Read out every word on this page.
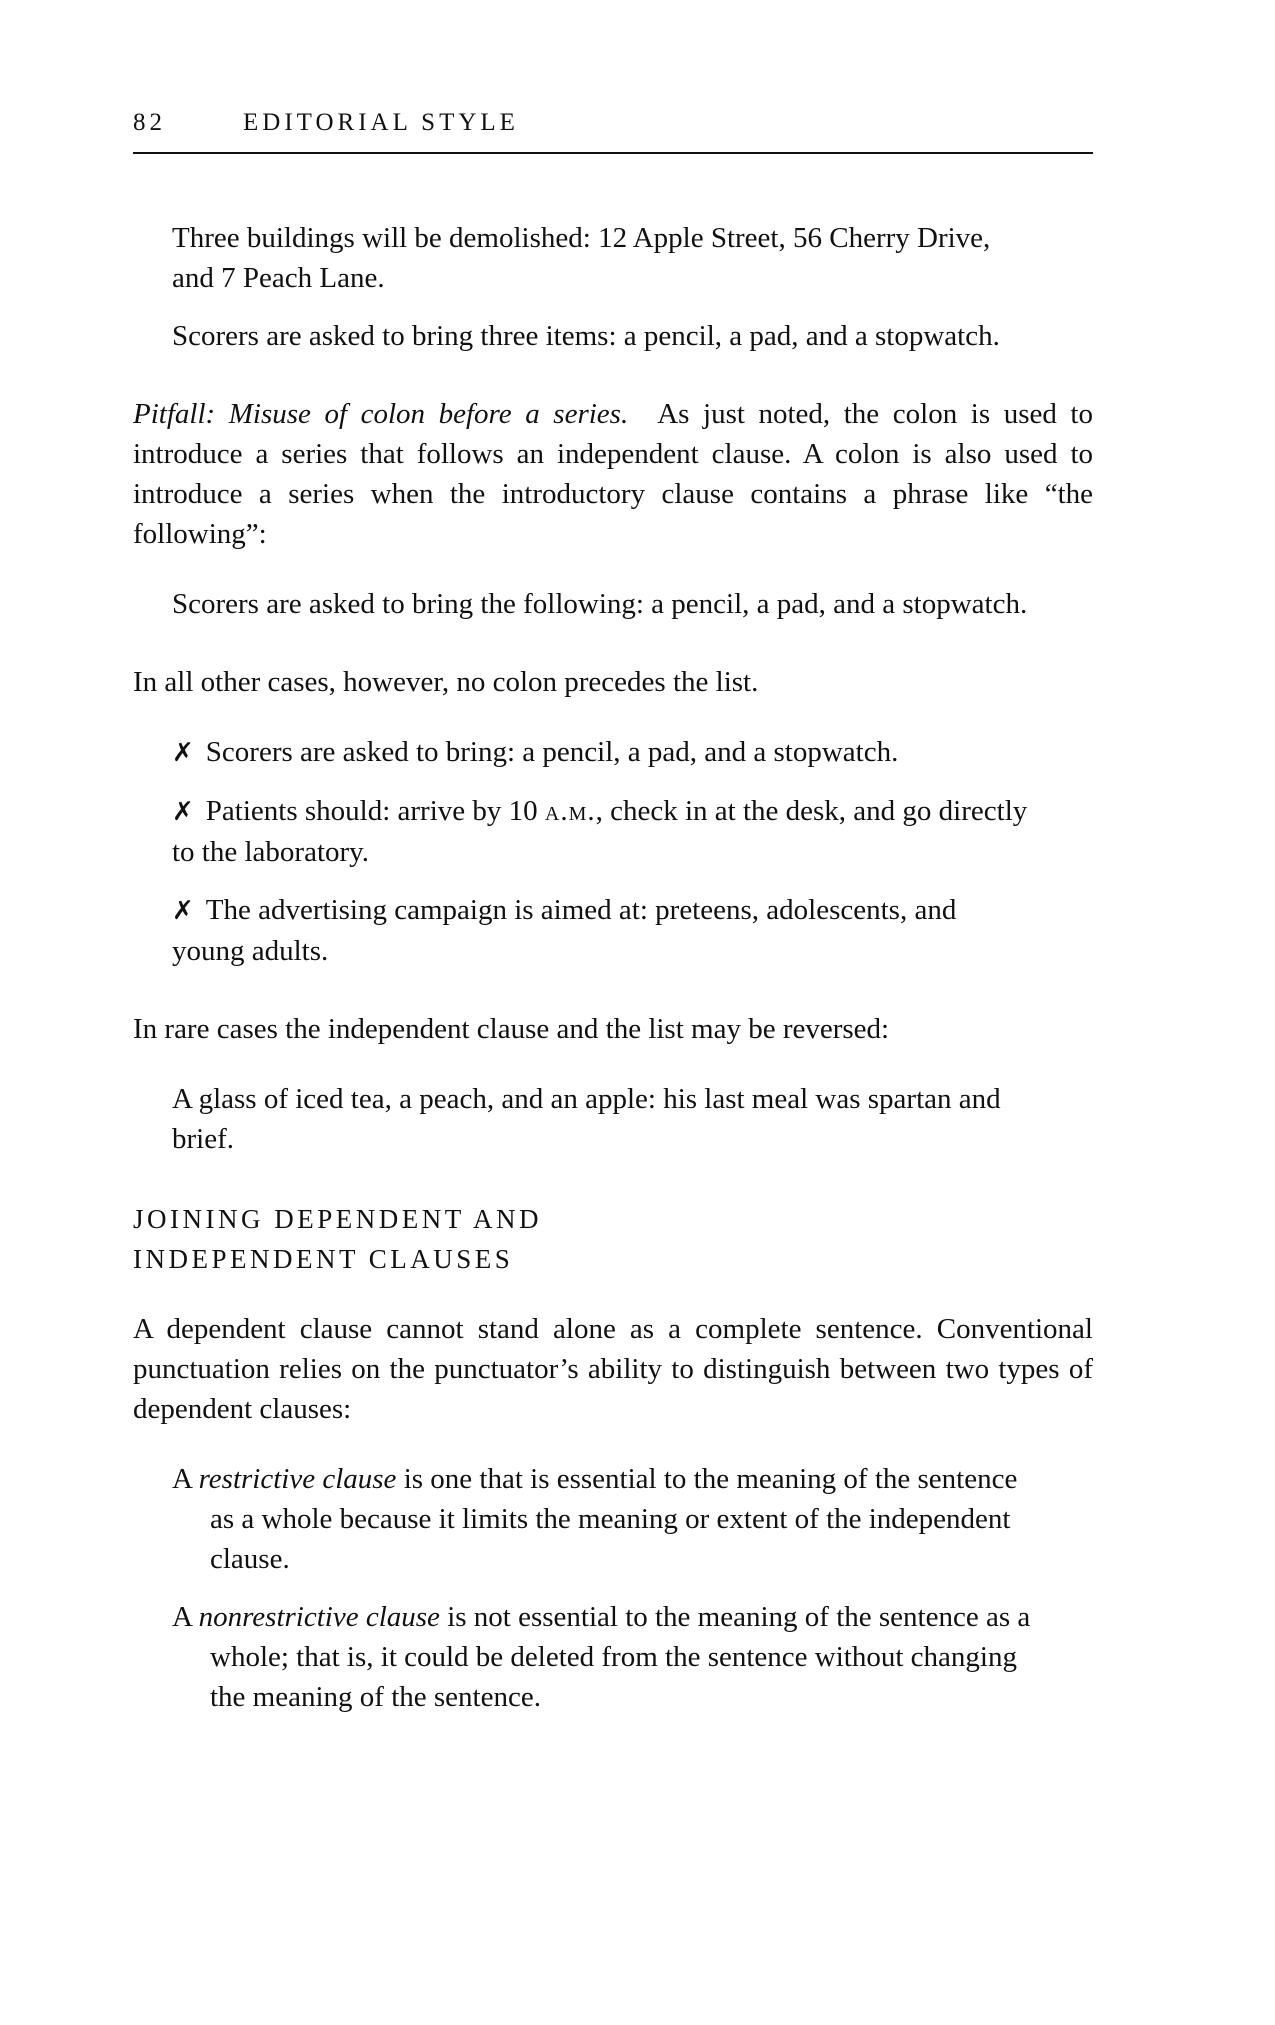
82	EDITORIAL STYLE

Three buildings will be demolished: 12 Apple Street, 56 Cherry Drive, and 7 Peach Lane.

Scorers are asked to bring three items: a pencil, a pad, and a stopwatch.

Pitfall: Misuse of colon before a series.  As just noted, the colon is used to introduce a series that follows an independent clause. A colon is also used to introduce a series when the introductory clause contains a phrase like “the following”:

Scorers are asked to bring the following: a pencil, a pad, and a stopwatch.

In all other cases, however, no colon precedes the list.

✗ Scorers are asked to bring: a pencil, a pad, and a stopwatch.

✗ Patients should: arrive by 10 a.m., check in at the desk, and go directly to the laboratory.

✗ The advertising campaign is aimed at: preteens, adolescents, and young adults.

In rare cases the independent clause and the list may be reversed:

A glass of iced tea, a peach, and an apple: his last meal was spartan and brief.

JOINING DEPENDENT AND
INDEPENDENT CLAUSES

A dependent clause cannot stand alone as a complete sentence. Conventional punctuation relies on the punctuator’s ability to distinguish between two types of dependent clauses:

A restrictive clause is one that is essential to the meaning of the sentence as a whole because it limits the meaning or extent of the independent clause.

A nonrestrictive clause is not essential to the meaning of the sentence as a whole; that is, it could be deleted from the sentence without changing the meaning of the sentence.
